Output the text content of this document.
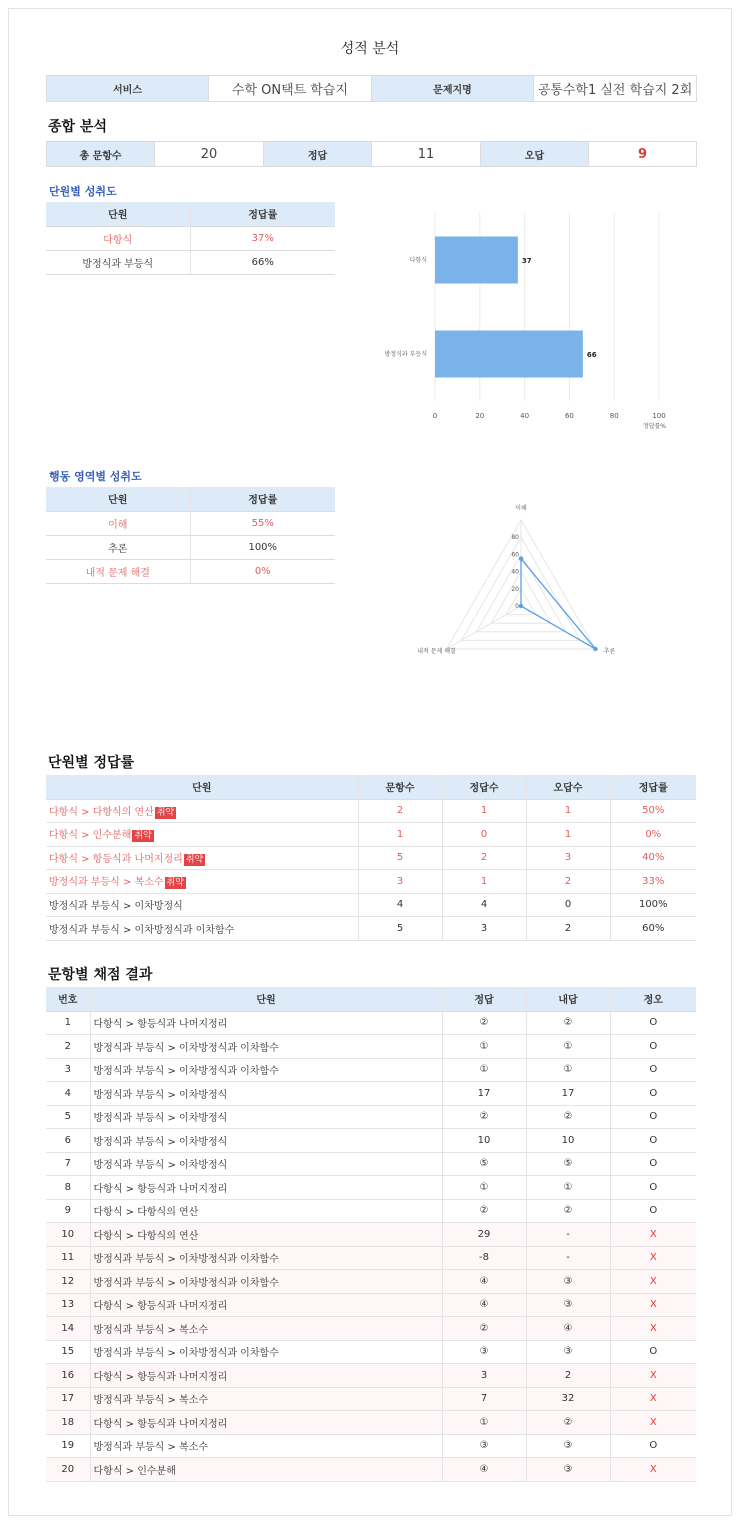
성적 분석
서비스	수학 ON택트 학습지	문제지명	공통수학1 실전 학습지 2회
종합 분석
총 문항수	20	정답	11	오답	9
단원별 성취도
단원	정답률
다항식	37%
방정식과 부등식	66%
0	20	40	60	80	100
다항식	37
방정식과 부등식	66
정답률%
행동 영역별 성취도
단원	정답률
이해	55%
추론	100%
내적 문제 해결	0%
0
20
40
60
80
이해
추론
내적 문제 해결
단원별 정답률
단원	문항수	정답수	오답수	정답률
다항식 > 다항식의 연산 취약	2	1	1	50%
다항식 > 인수분해 취약	1	0	1	0%
다항식 > 항등식과 나머지정리 취약	5	2	3	40%
방정식과 부등식 > 복소수 취약	3	1	2	33%
방정식과 부등식 > 이차방정식	4	4	0	100%
방정식과 부등식 > 이차방정식과 이차함수	5	3	2	60%
문항별 채점 결과
번호	단원	정답	내답	정오
1	다항식 > 항등식과 나머지정리	②	②	O
2	방정식과 부등식 > 이차방정식과 이차함수	①	①	O
3	방정식과 부등식 > 이차방정식과 이차함수	①	①	O
4	방정식과 부등식 > 이차방정식	17	17	O
5	방정식과 부등식 > 이차방정식	②	②	O
6	방정식과 부등식 > 이차방정식	10	10	O
7	방정식과 부등식 > 이차방정식	⑤	⑤	O
8	다항식 > 항등식과 나머지정리	①	①	O
9	다항식 > 다항식의 연산	②	②	O
10	다항식 > 다항식의 연산	29	-	X
11	방정식과 부등식 > 이차방정식과 이차함수	-8	-	X
12	방정식과 부등식 > 이차방정식과 이차함수	④	③	X
13	다항식 > 항등식과 나머지정리	④	③	X
14	방정식과 부등식 > 복소수	②	④	X
15	방정식과 부등식 > 이차방정식과 이차함수	③	③	O
16	다항식 > 항등식과 나머지정리	3	2	X
17	방정식과 부등식 > 복소수	7	32	X
18	다항식 > 항등식과 나머지정리	①	②	X
19	방정식과 부등식 > 복소수	③	③	O
20	다항식 > 인수분해	④	③	X
